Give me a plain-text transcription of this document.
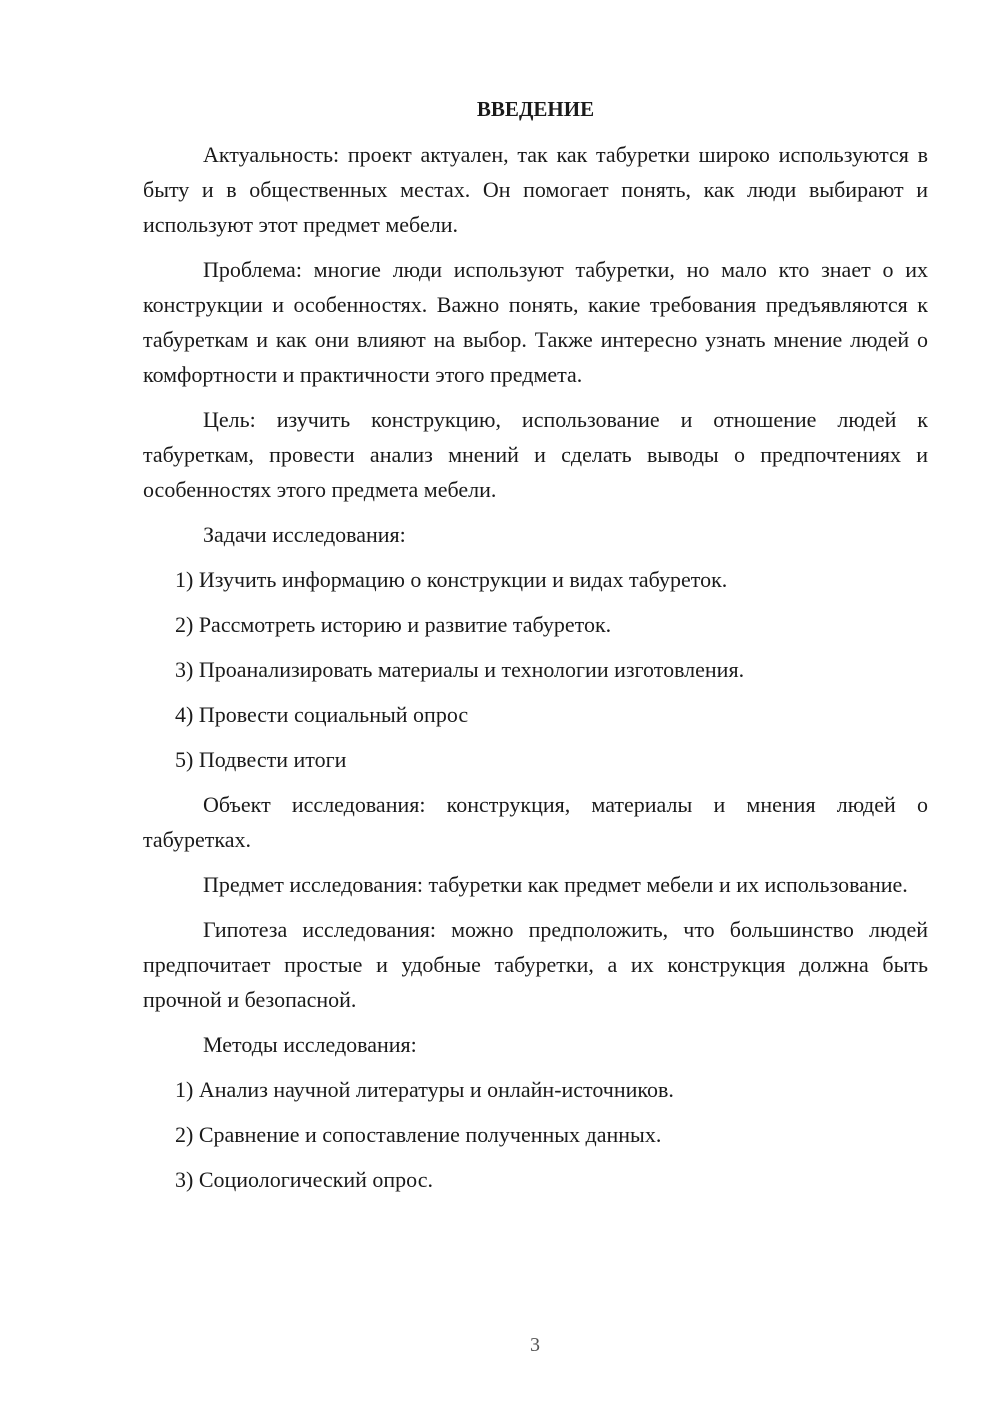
ВВЕДЕНИЕ

Актуальность: проект актуален, так как табуретки широко используются в быту и в общественных местах. Он помогает понять, как люди выбирают и используют этот предмет мебели.

Проблема: многие люди используют табуретки, но мало кто знает о их конструкции и особенностях. Важно понять, какие требования предъявляются к табуреткам и как они влияют на выбор. Также интересно узнать мнение людей о комфортности и практичности этого предмета.

Цель: изучить конструкцию, использование и отношение людей к табуреткам, провести анализ мнений и сделать выводы о предпочтениях и особенностях этого предмета мебели.

Задачи исследования:

1) Изучить информацию о конструкции и видах табуреток.

2) Рассмотреть историю и развитие табуреток.

3) Проанализировать материалы и технологии изготовления.

4) Провести социальный опрос

5) Подвести итоги

Объект исследования: конструкция, материалы и мнения людей о табуретках.

Предмет исследования: табуретки как предмет мебели и их использование.

Гипотеза исследования: можно предположить, что большинство людей предпочитает простые и удобные табуретки, а их конструкция должна быть прочной и безопасной.

Методы исследования:

1) Анализ научной литературы и онлайн-источников.

2) Сравнение и сопоставление полученных данных.

3) Социологический опрос.

3
